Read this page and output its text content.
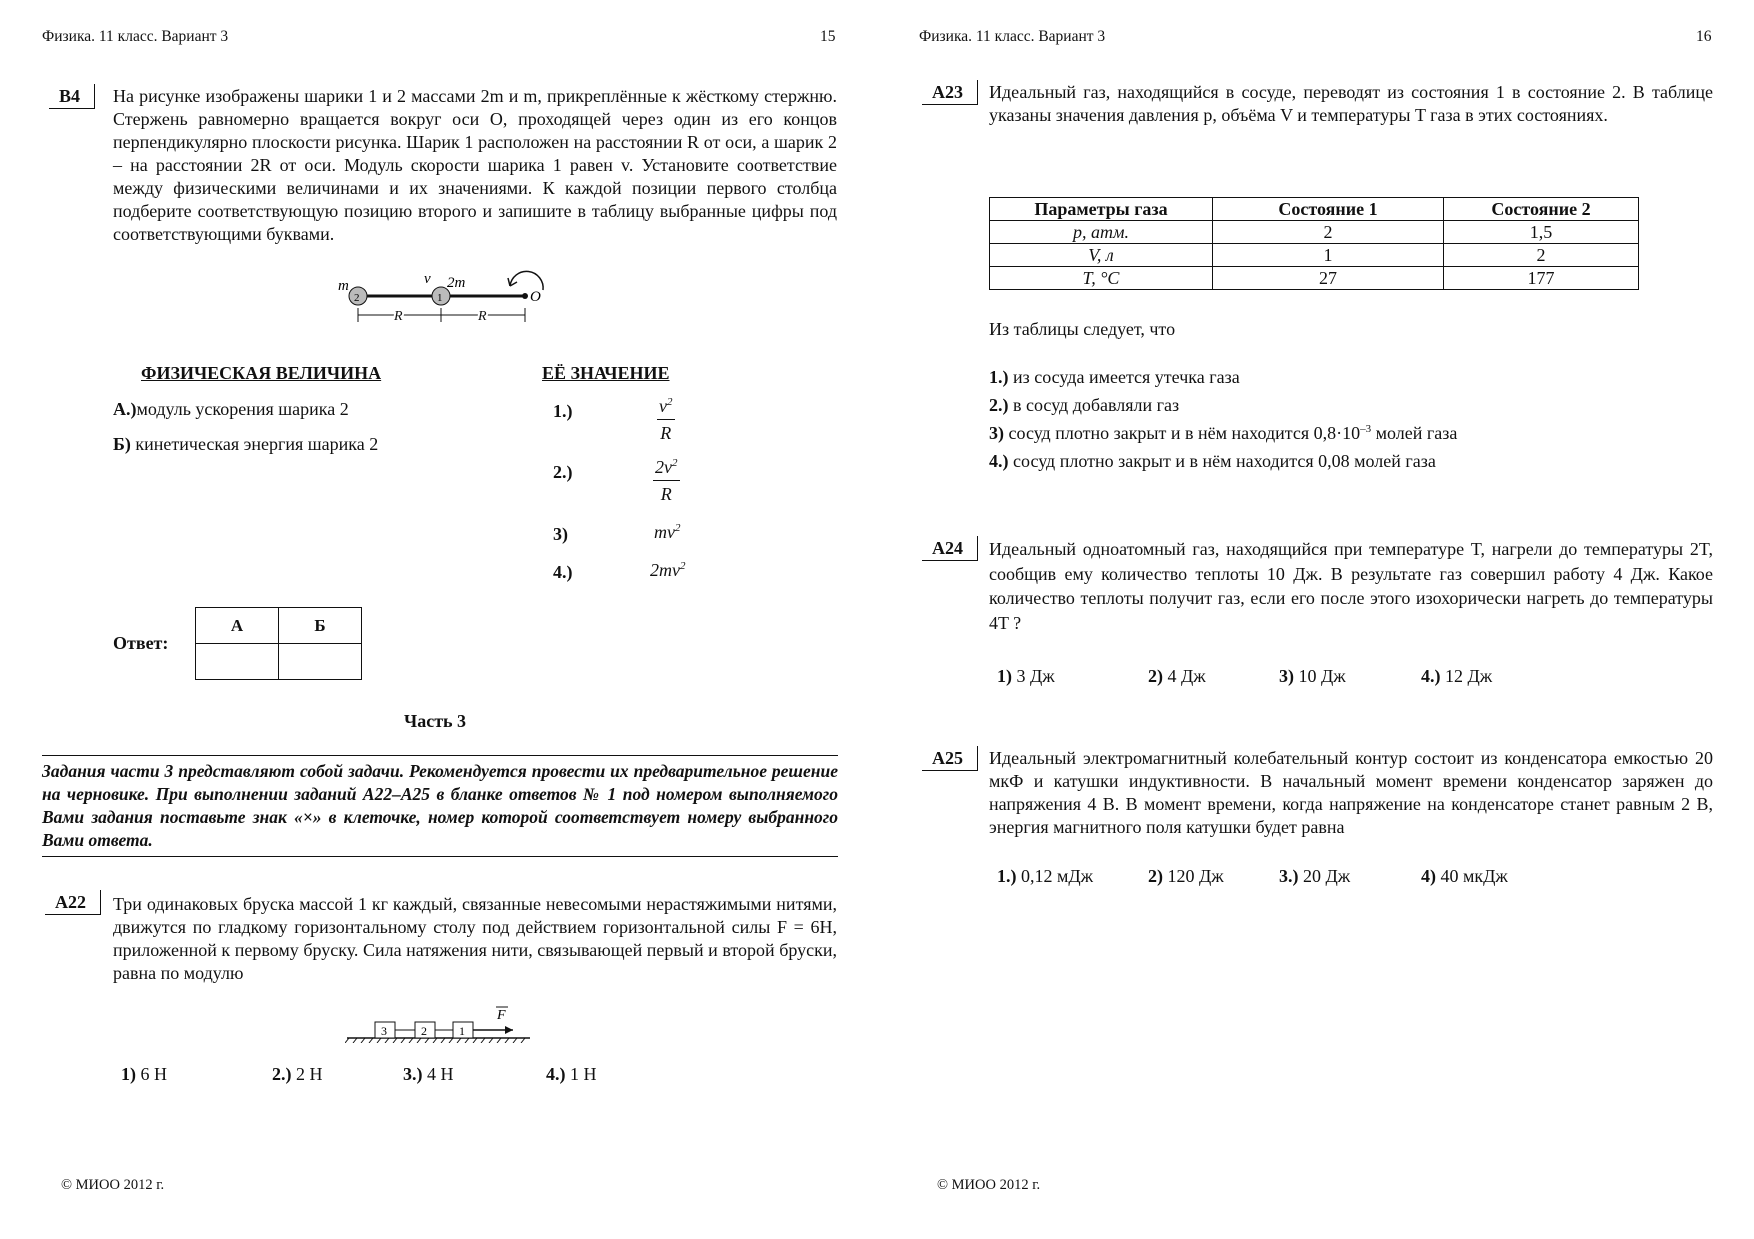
Физика. 11 класс. Вариант 3	15
B4	На рисунке изображены шарики 1 и 2 массами 2m и m, прикреплённые к жёсткому стержню. Стержень равномерно вращается вокруг оси O, проходящей через один из его концов перпендикулярно плоскости рисунка. Шарик 1 расположен на расстоянии R от оси, а шарик 2 – на расстоянии 2R от оси. Модуль скорости шарика 1 равен v. Установите соответствие между физическими величинами и их значениями. К каждой позиции первого столбца подберите соответствующую позицию второго и запишите в таблицу выбранные цифры под соответствующими буквами.
m	v 2m
2	1	O
R	R
ФИЗИЧЕСКАЯ ВЕЛИЧИНА	ЕЁ ЗНАЧЕНИЕ
А.)модуль ускорения шарика 2
Б) кинетическая энергия шарика 2
1.)	$\frac{v^2}{R}$
2.)	$\frac{2v^2}{R}$
3)	$mv^2$
4.)	$2mv^2$
Ответ:
А	Б

Часть 3
Задания части 3 представляют собой задачи. Рекомендуется провести их предварительное решение на черновике. При выполнении заданий А22–А25 в бланке ответов № 1 под номером выполняемого Вами задания поставьте знак «×» в клеточке, номер которой соответствует номеру выбранного Вами ответа.
А22	Три одинаковых бруска массой 1 кг каждый, связанные невесомыми нерастяжимыми нитями, движутся по гладкому горизонтальному столу под действием горизонтальной силы F = 6Н, приложенной к первому бруску. Сила натяжения нити, связывающей первый и второй бруски, равна по модулю
3	2	1
F
1) 6 Н	2.) 2 Н	3.) 4 Н	4.) 1 Н
© МИОО 2012 г.
Физика. 11 класс. Вариант 3	16
А23	Идеальный газ, находящийся в сосуде, переводят из состояния 1 в состояние 2. В таблице указаны значения давления p, объёма V и температуры T газа в этих состояниях.
Параметры газа	Состояние 1	Состояние 2
p, атм.	2	1,5
V, л	1	2
T, °С	27	177
Из таблицы следует, что
1.) из сосуда имеется утечка газа
2.) в сосуд добавляли газ
3) сосуд плотно закрыт и в нём находится $0,8\cdot 10^{-3}$ молей газа
4.) сосуд плотно закрыт и в нём находится 0,08 молей газа
А24	Идеальный одноатомный газ, находящийся при температуре T, нагрели до температуры 2T, сообщив ему количество теплоты 10 Дж. В результате газ совершил работу 4 Дж. Какое количество теплоты получит газ, если его после этого изохорически нагреть до температуры 4T ?
1) 3 Дж	2) 4 Дж	3) 10 Дж	4.) 12 Дж
А25	Идеальный электромагнитный колебательный контур состоит из конденсатора емкостью 20 мкФ и катушки индуктивности. В начальный момент времени конденсатор заряжен до напряжения 4 В. В момент времени, когда напряжение на конденсаторе станет равным 2 В, энергия магнитного поля катушки будет равна
1.) 0,12 мДж	2) 120 Дж	3.) 20 Дж	4) 40 мкДж
© МИОО 2012 г.
